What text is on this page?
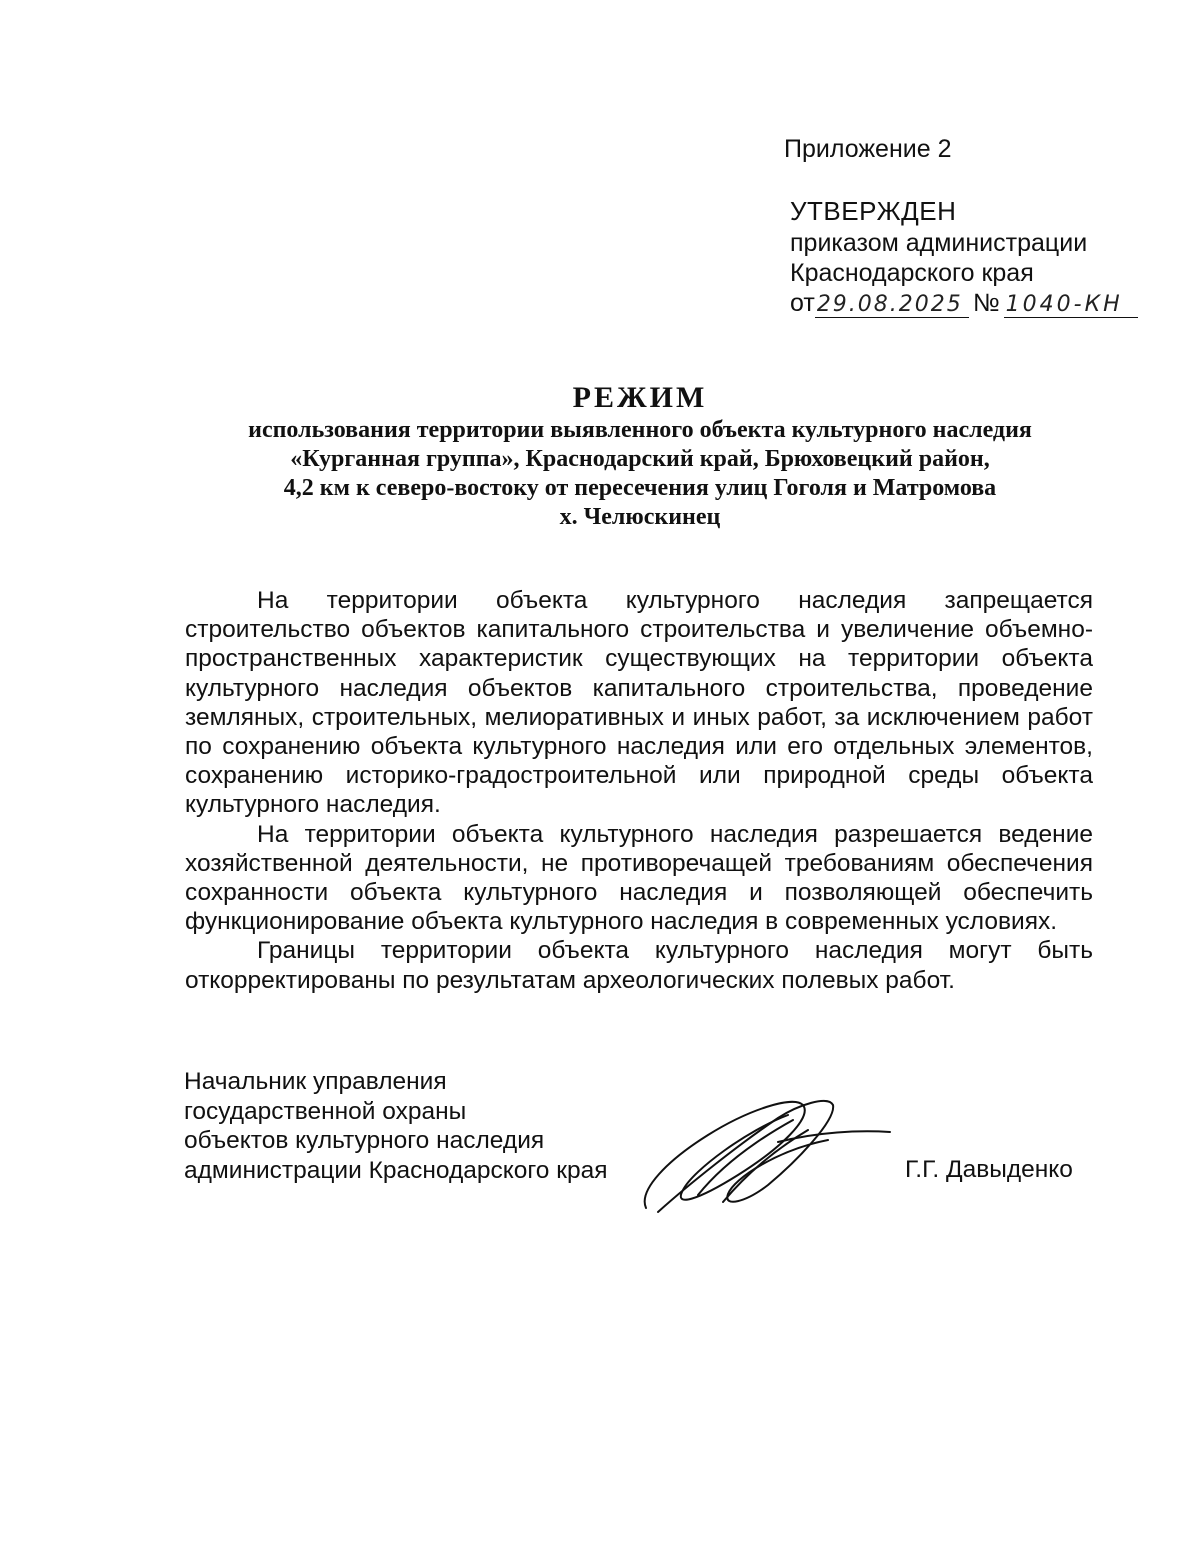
Приложение 2
УТВЕРЖДЕН
приказом администрации
Краснодарского края
от 29.08.2025 № 1040-КН
РЕЖИМ
использования территории выявленного объекта культурного наследия
«Курганная группа», Краснодарский край, Брюховецкий район,
4,2 км к северо-востоку от пересечения улиц Гоголя и Матромова
х. Челюскинец

На территории объекта культурного наследия запрещается строительство объектов капитального строительства и увеличение объемно-пространственных характеристик существующих на территории объекта культурного наследия объектов капитального строительства, проведение земляных, строительных, мелиоративных и иных работ, за исключением работ по сохранению объекта культурного наследия или его отдельных элементов, сохранению историко-градостроительной или природной среды объекта культурного наследия.

На территории объекта культурного наследия разрешается ведение хозяйственной деятельности, не противоречащей требованиям обеспечения сохранности объекта культурного наследия и позволяющей обеспечить функционирование объекта культурного наследия в современных условиях.

Границы территории объекта культурного наследия могут быть откорректированы по результатам археологических полевых работ.

Начальник управления
государственной охраны
объектов культурного наследия
администрации Краснодарского края	Г.Г. Давыденко
